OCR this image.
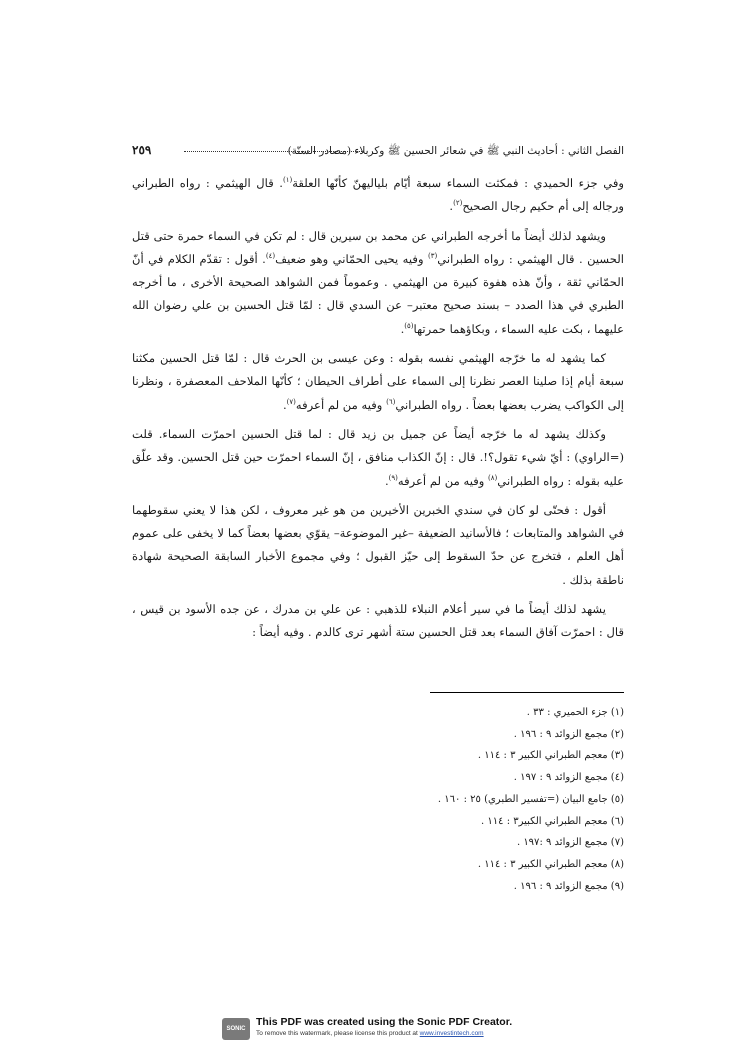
الفصل الثاني : أحاديث النبي ﷺ في شعائر الحسين ﷺ وكربلاء (مصادر السنّة)
٢٥٩

وفي جزء الحميدي : فمكثت السماء سبعة أيّام بلياليهنّ كأنّها العلقة$^{(١)}$. قال الهيثمي : رواه الطبراني ورجاله إلى أم حكيم رجال الصحيح$^{(٢)}$.

ويشهد لذلك أيضاً ما أخرجه الطبراني عن محمد بن سيرين قال : لم تكن في السماء حمرة حتى قتل الحسين . قال الهيثمي : رواه الطبراني$^{(٣)}$ وفيه يحيى الحمّاني وهو ضعيف$^{(٤)}$. أقول : تقدّم الكلام في أنّ الحمّاني ثقة ، وأنّ هذه هفوة كبيرة من الهيثمي . وعموماً فمن الشواهد الصحيحة الأخرى ، ما أخرجه الطبري في هذا الصدد – بسند صحيح معتبر– عن السدي قال : لمّا قتل الحسين بن علي رضوان الله عليهما ، بكت عليه السماء ، وبكاؤهما حمرتها$^{(٥)}$.

كما يشهد له ما خرّجه الهيثمي نفسه بقوله : وعن عيسى بن الحرث قال : لمّا قتل الحسين مكثنا سبعة أيام إذا صلينا العصر نظرنا إلى السماء على أطراف الحيطان ؛ كأنّها الملاحف المعصفرة ، ونظرنا إلى الكواكب يضرب بعضها بعضاً . رواه الطبراني$^{(٦)}$ وفيه من لم أعرفه$^{(٧)}$.

وكذلك يشهد له ما خرّجه أيضاً عن جميل بن زيد قال : لما قتل الحسين احمرّت السماء. قلت (=الراوي) : أيّ شيء تقول؟!. قال : إنّ الكذاب منافق ، إنّ السماء احمرّت حين قتل الحسين. وقد علّق عليه بقوله : رواه الطبراني$^{(٨)}$ وفيه من لم أعرفه$^{(٩)}$.

أقول : فحتّى لو كان في سندي الخبرين الأخيرين من هو غير معروف ، لكن هذا لا يعني سقوطهما في الشواهد والمتابعات ؛ فالأسانيد الضعيفة –غير الموضوعة– يقوّي بعضها بعضاً كما لا يخفى على عموم أهل العلم ، فتخرج عن حدّ السقوط إلى حيّز القبول ؛ وفي مجموع الأخبار السابقة الصحيحة شهادة ناطقة بذلك .

يشهد لذلك أيضاً ما في سير أعلام النبلاء للذهبي : عن علي بن مدرك ، عن جده الأسود بن قيس ، قال : احمرّت آفاق السماء بعد قتل الحسين ستة أشهر ترى كالدم . وفيه أيضاً :

(١) جزء الحميري : ٣٣ .
(٢) مجمع الزوائد ٩ : ١٩٦ .
(٣) معجم الطبراني الكبير ٣ : ١١٤ .
(٤) مجمع الزوائد ٩ : ١٩٧ .
(٥) جامع البيان (=تفسير الطبري) ٢٥ : ١٦٠ .
(٦) معجم الطبراني الكبير٣ : ١١٤ .
(٧) مجمع الزوائد ٩ :١٩٧ .
(٨) معجم الطبراني الكبير ٣ : ١١٤ .
(٩) مجمع الزوائد ٩ : ١٩٦ .
SONIC PDF
This PDF was created using the Sonic PDF Creator.
To remove this watermark, please license this product at www.investintech.com
